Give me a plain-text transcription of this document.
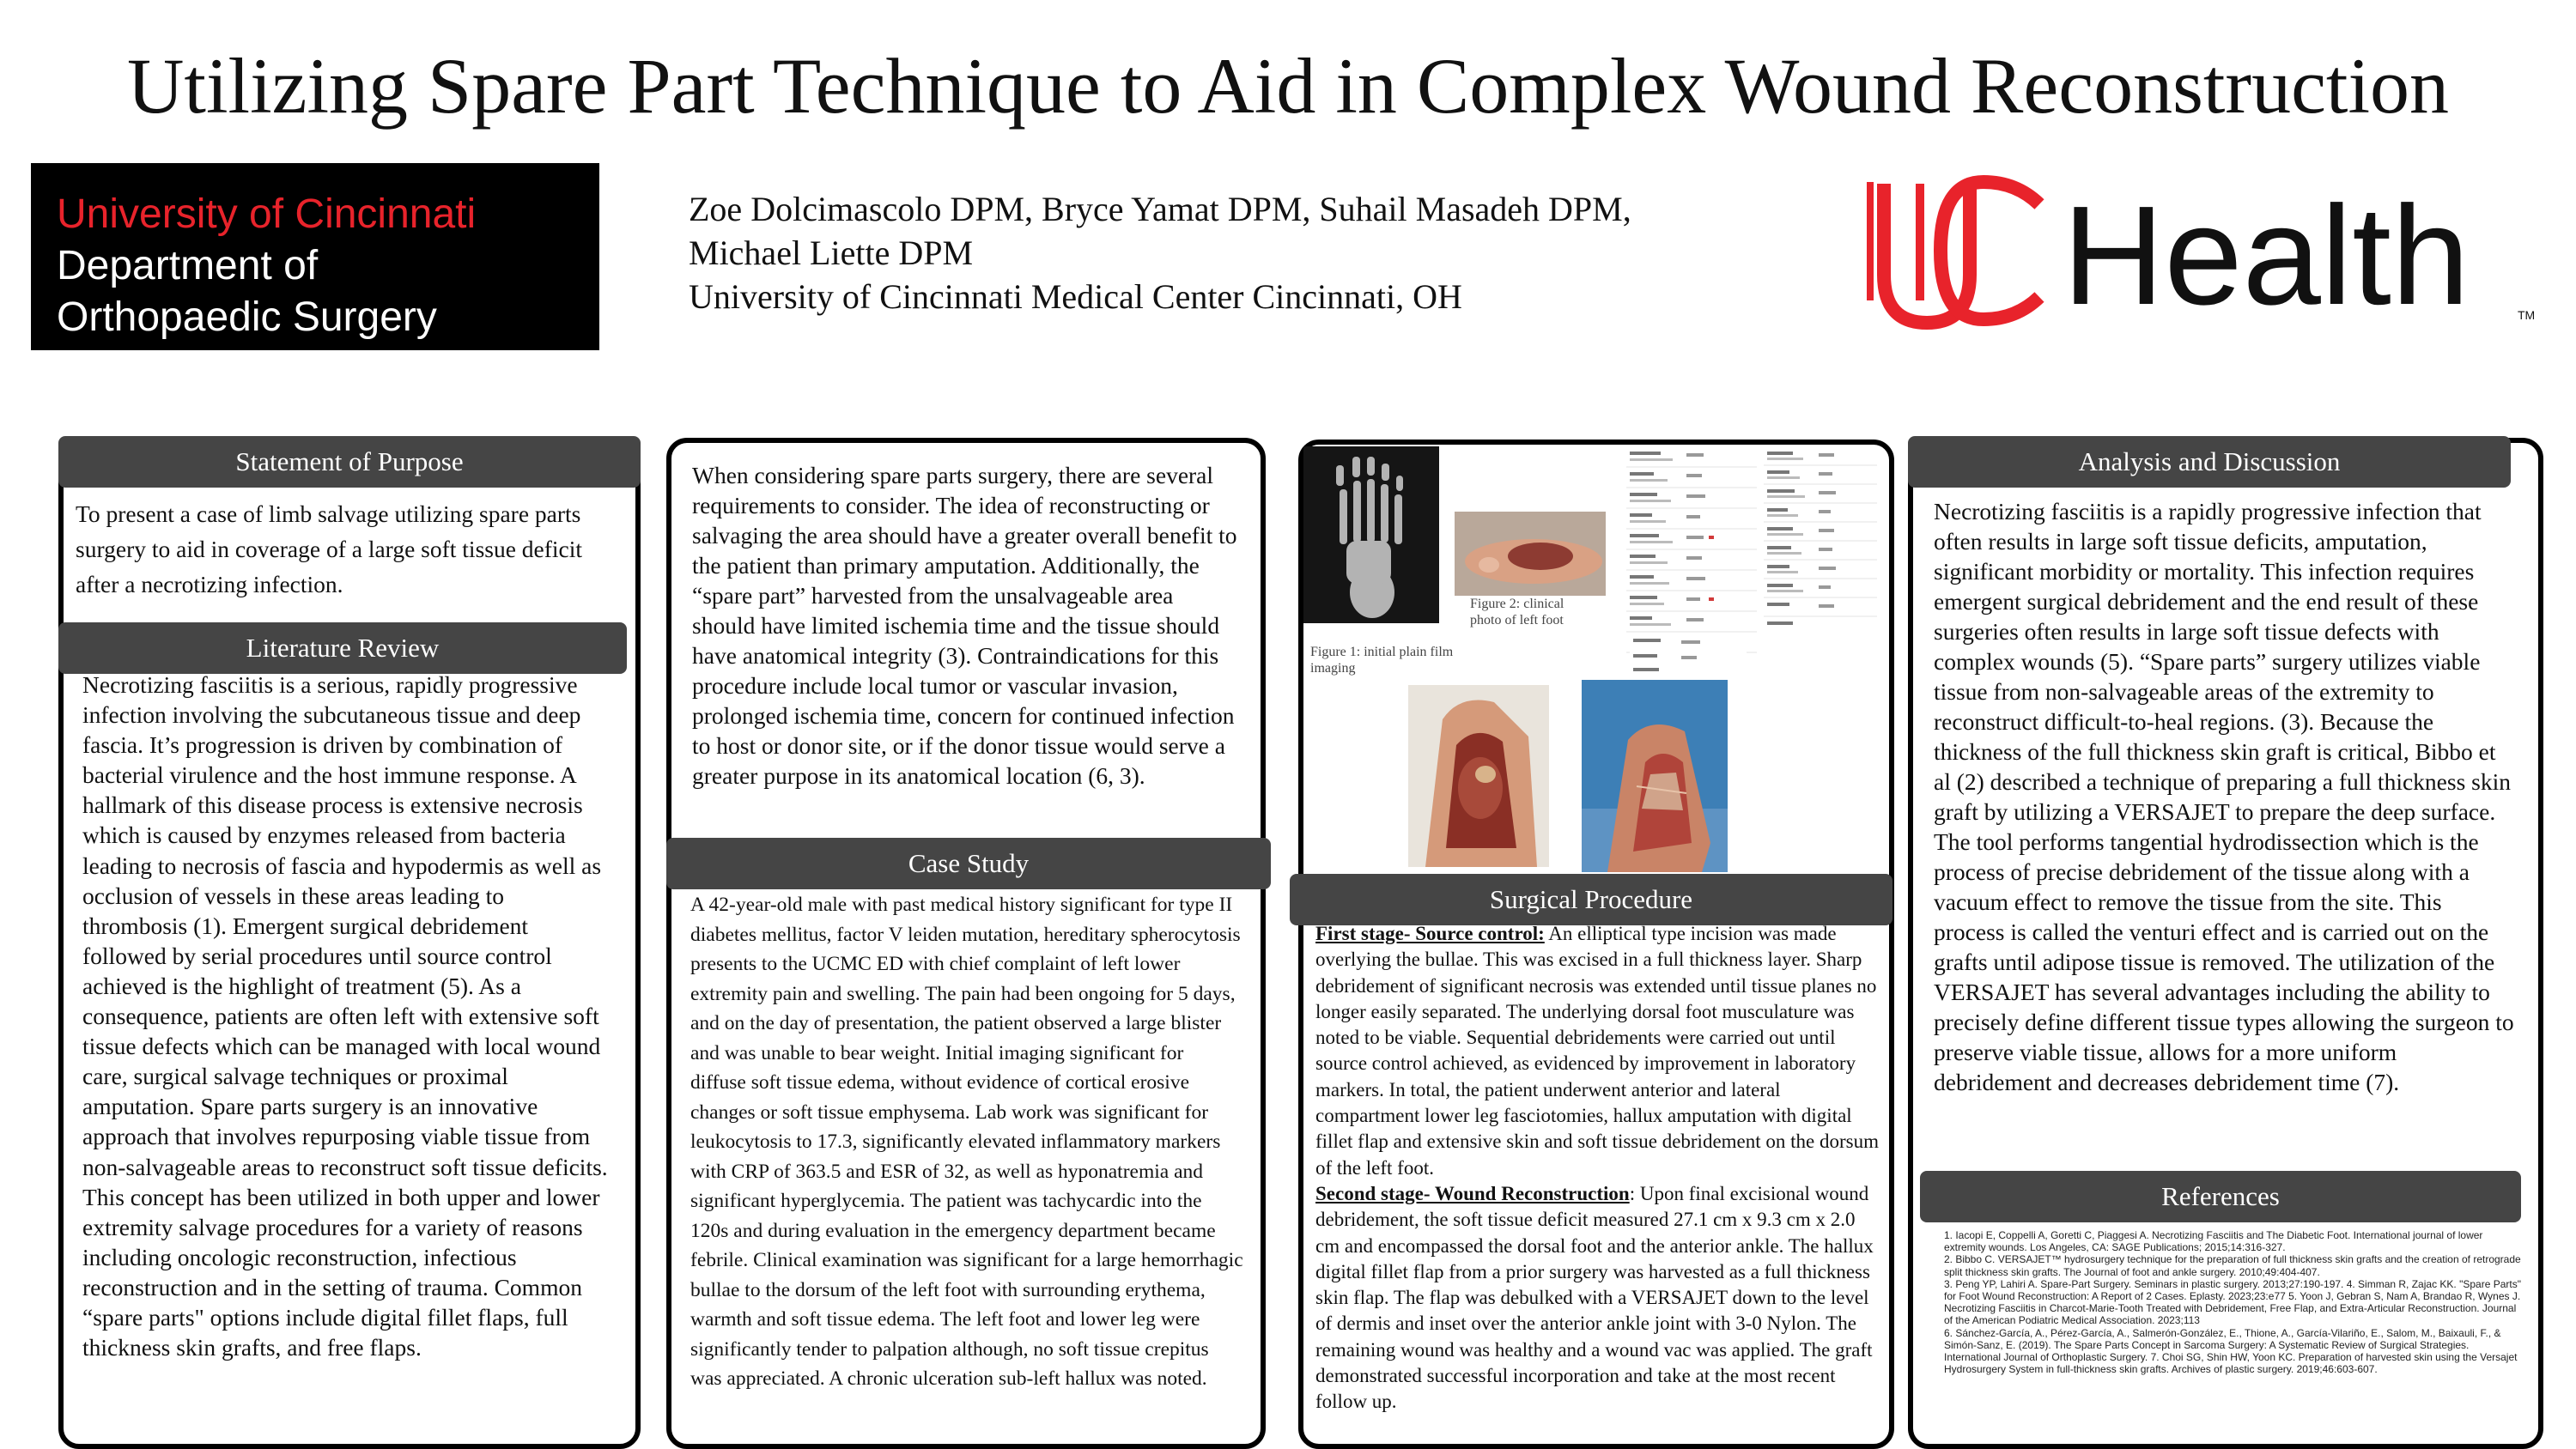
Utilizing Spare Part Technique to Aid in Complex Wound Reconstruction
University of Cincinnati
Department of
Orthopaedic Surgery
Zoe Dolcimascolo DPM, Bryce Yamat DPM, Suhail Masadeh DPM,
Michael Liette DPM
University of Cincinnati Medical Center Cincinnati, OH	Health	TM
Statement of Purpose
To present a case of limb salvage utilizing spare parts surgery to aid in coverage of a large soft tissue deficit after a necrotizing infection.
Literature Review
Necrotizing fasciitis is a serious, rapidly progressive infection involving the subcutaneous tissue and deep fascia. It’s progression is driven by combination of bacterial virulence and the host immune response. A hallmark of this disease process is extensive necrosis which is caused by enzymes released from bacteria leading to necrosis of fascia and hypodermis as well as occlusion of vessels in these areas leading to thrombosis (1). Emergent surgical debridement followed by serial procedures until source control achieved is the highlight of treatment (5). As a consequence, patients are often left with extensive soft tissue defects which can be managed with local wound care, surgical salvage techniques or proximal amputation. Spare parts surgery is an innovative approach that involves repurposing viable tissue from non-salvageable areas to reconstruct soft tissue deficits. This concept has been utilized in both upper and lower extremity salvage procedures for a variety of reasons including oncologic reconstruction, infectious reconstruction and in the setting of trauma. Common “spare parts" options include digital fillet flaps, full thickness skin grafts, and free flaps.
When considering spare parts surgery, there are several requirements to consider. The idea of reconstructing or salvaging the area should have a greater overall benefit to the patient than primary amputation. Additionally, the “spare part” harvested from the unsalvageable area should have limited ischemia time and the tissue should have anatomical integrity (3). Contraindications for this procedure include local tumor or vascular invasion, prolonged ischemia time, concern for continued infection to host or donor site, or if the donor tissue would serve a greater purpose in its anatomical location (6, 3).
Case Study
A 42-year-old male with past medical history significant for type II diabetes mellitus, factor V leiden mutation, hereditary spherocytosis presents to the UCMC ED with chief complaint of left lower extremity pain and swelling. The pain had been ongoing for 5 days, and on the day of presentation, the patient observed a large blister and was unable to bear weight. Initial imaging significant for diffuse soft tissue edema, without evidence of cortical erosive changes or soft tissue emphysema. Lab work was significant for leukocytosis to 17.3, significantly elevated inflammatory markers with CRP of 363.5 and ESR of 32, as well as hyponatremia and significant hyperglycemia. The patient was tachycardic into the 120s and during evaluation in the emergency department became febrile. Clinical examination was significant for a large hemorrhagic bullae to the dorsum of the left foot with surrounding erythema, warmth and soft tissue edema. The left foot and lower leg were significantly tender to palpation although, no soft tissue crepitus was appreciated. A chronic ulceration sub-left hallux was noted.
Figure 1: initial plain film imaging
Figure 2: clinical photo of left foot
Surgical Procedure

First stage- Source control: An elliptical type incision was made overlying the bullae. This was excised in a full thickness layer. Sharp debridement of significant necrosis was extended until tissue planes no longer easily separated. The underlying dorsal foot musculature was noted to be viable. Sequential debridements were carried out until source control achieved, as evidenced by improvement in laboratory markers. In total, the patient underwent anterior and lateral compartment lower leg fasciotomies, hallux amputation with digital fillet flap and extensive skin and soft tissue debridement on the dorsum of the left foot.

Second stage- Wound Reconstruction: Upon final excisional wound debridement, the soft tissue deficit measured 27.1 cm x 9.3 cm x 2.0 cm and encompassed the dorsal foot and the anterior ankle. The hallux digital fillet flap from a prior surgery was harvested as a full thickness skin flap. The flap was debulked with a VERSAJET down to the level of dermis and inset over the anterior ankle joint with 3-0 Nylon. The remaining wound was healthy and a wound vac was applied. The graft demonstrated successful incorporation and take at the most recent follow up.

Analysis and Discussion
Necrotizing fasciitis is a rapidly progressive infection that often results in large soft tissue deficits, amputation, significant morbidity or mortality. This infection requires emergent surgical debridement and the end result of these surgeries often results in large soft tissue defects with complex wounds (5). “Spare parts” surgery utilizes viable tissue from non-salvageable areas of the extremity to reconstruct difficult-to-heal regions. (3). Because the thickness of the full thickness skin graft is critical, Bibbo et al (2) described a technique of preparing a full thickness skin graft by utilizing a VERSAJET to prepare the deep surface. The tool performs tangential hydrodissection which is the process of precise debridement of the tissue along with a vacuum effect to remove the tissue from the site. This process is called the venturi effect and is carried out on the grafts until adipose tissue is removed. The utilization of the VERSAJET has several advantages including the ability to precisely define different tissue types allowing the surgeon to preserve viable tissue, allows for a more uniform debridement and decreases debridement time (7).
References

1. Iacopi E, Coppelli A, Goretti C, Piaggesi A. Necrotizing Fasciitis and The Diabetic Foot. International journal of lower extremity wounds. Los Angeles, CA: SAGE Publications; 2015;14:316-327.

2. Bibbo C. VERSAJET™ hydrosurgery technique for the preparation of full thickness skin grafts and the creation of retrograde split thickness skin grafts. The Journal of foot and ankle surgery. 2010;49:404-407.

3. Peng YP, Lahiri A. Spare-Part Surgery. Seminars in plastic surgery. 2013;27:190-197. 4. Simman R, Zajac KK. "Spare Parts" for Foot Wound Reconstruction: A Report of 2 Cases. Eplasty. 2023;23:e77 5. Yoon J, Gebran S, Nam A, Brandao R, Wynes J. Necrotizing Fasciitis in Charcot-Marie-Tooth Treated with Debridement, Free Flap, and Extra-Articular Reconstruction. Journal of the American Podiatric Medical Association. 2023;113

6. Sánchez-García, A., Pérez-García, A., Salmerón-González, E., Thione, A., García-Vilariño, E., Salom, M., Baixauli, F., & Simón-Sanz, E. (2019). The Spare Parts Concept in Sarcoma Surgery: A Systematic Review of Surgical Strategies. International Journal of Orthoplastic Surgery. 7. Choi SG, Shin HW, Yoon KC. Preparation of harvested skin using the Versajet Hydrosurgery System in full-thickness skin grafts. Archives of plastic surgery. 2019;46:603-607.
